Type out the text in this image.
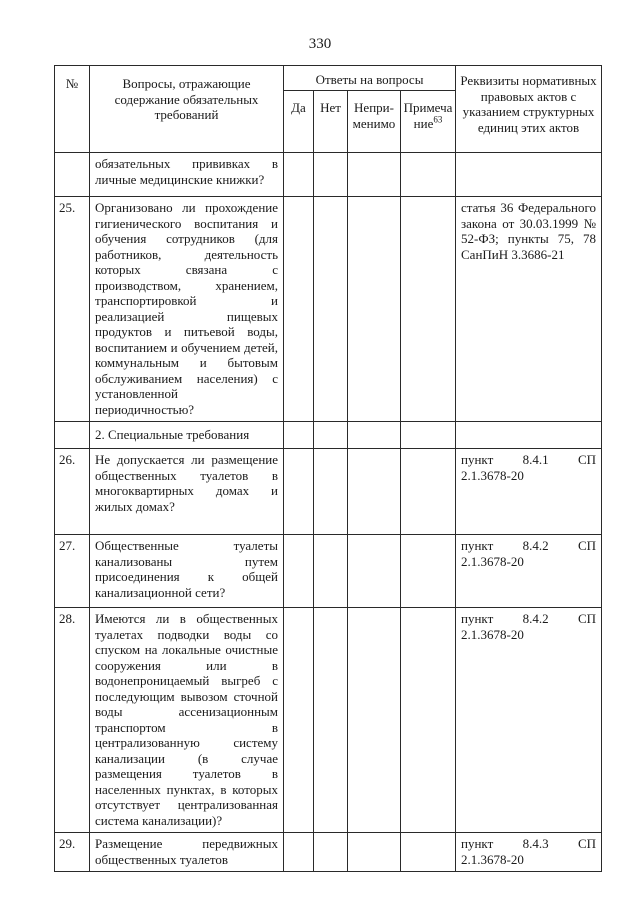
330
№	Вопросы, отражающие содержание обязательных требований	Ответы на вопросы				Реквизиты нормативных правовых актов с указанием структурных единиц этих актов
		Да	Нет	Непри-менимо	Примеча ние$^{63}$
	обязательных прививках в личные медицинские книжки?					
25.	Организовано ли прохождение гигиенического воспитания и обучения сотрудников (для работников, деятельность которых связана с производством, хранением, транспортировкой и реализацией пищевых продуктов и питьевой воды, воспитанием и обучением детей, коммунальным и бытовым обслуживанием населения) с установленной периодичностью?					статья 36 Федерального закона от 30.03.1999 № 52-ФЗ; пункты 75, 78 СанПиН 3.3686-21
	2. Специальные требования					
26.	Не допускается ли размещение общественных туалетов в многоквартирных домах и жилых домах?					пункт 8.4.1 СП 2.1.3678-20
27.	Общественные туалеты канализованы путем присоединения к общей канализационной сети?					пункт 8.4.2 СП 2.1.3678-20
28.	Имеются ли в общественных туалетах подводки воды со спуском на локальные очистные сооружения или в водонепроницаемый выгреб с последующим вывозом сточной воды ассенизационным транспортом в централизованную систему канализации (в случае размещения туалетов в населенных пунктах, в которых отсутствует централизованная система канализации)?					пункт 8.4.2 СП 2.1.3678-20
29.	Размещение передвижных общественных туалетов					пункт 8.4.3 СП 2.1.3678-20
